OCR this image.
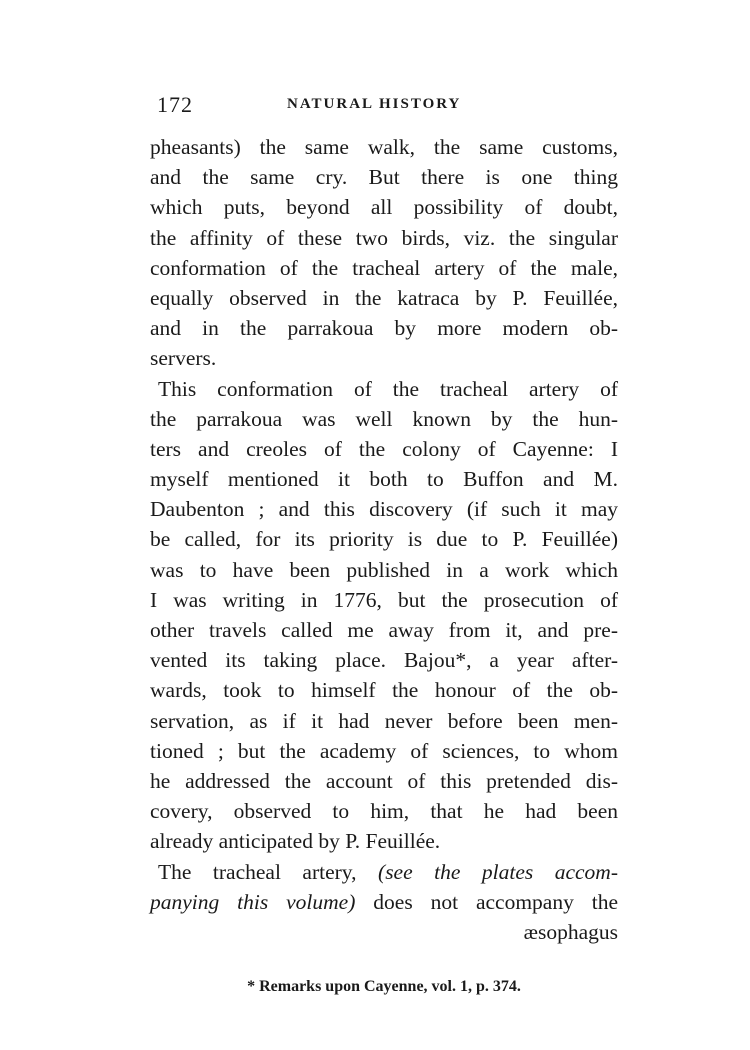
172	NATURAL HISTORY
pheasants) the same walk, the same customs,
and the same cry. But there is one thing
which puts, beyond all possibility of doubt,
the affinity of these two birds, viz. the singular
conformation of the tracheal artery of the male,
equally observed in the katraca by P. Feuillée,
and in the parrakoua by more modern ob-
servers.
This conformation of the tracheal artery of
the parrakoua was well known by the hun-
ters and creoles of the colony of Cayenne: I
myself mentioned it both to Buffon and M.
Daubenton ; and this discovery (if such it may
be called, for its priority is due to P. Feuillée)
was to have been published in a work which
I was writing in 1776, but the prosecution of
other travels called me away from it, and pre-
vented its taking place. Bajou*, a year after-
wards, took to himself the honour of the ob-
servation, as if it had never before been men-
tioned ; but the academy of sciences, to whom
he addressed the account of this pretended dis-
covery, observed to him, that he had been
already anticipated by P. Feuillée.
The tracheal artery, (see the plates accom-
panying this volume) does not accompany the
æsophagus
* Remarks upon Cayenne, vol. 1, p. 374.
